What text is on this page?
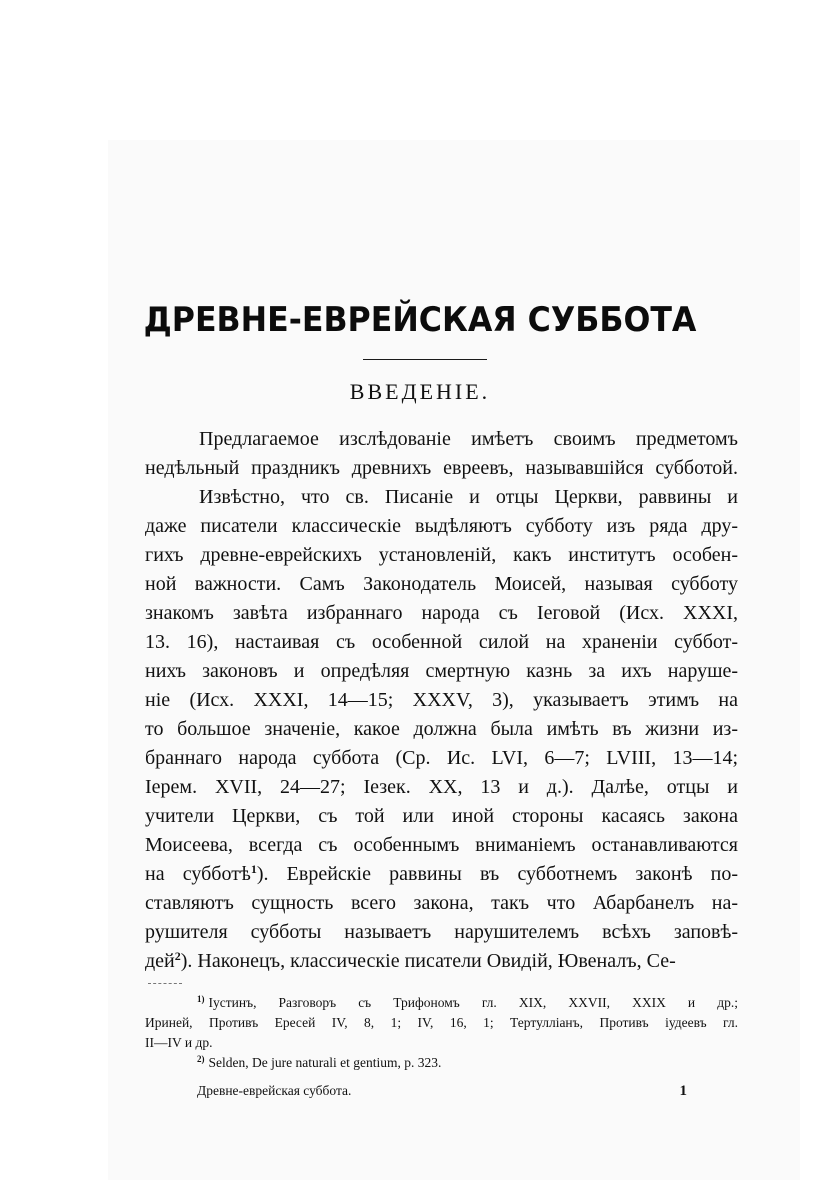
ДРЕВНЕ-ЕВРЕЙСКАЯ СУББОТА
ВВЕДЕНІЕ.
Предлагаемое изслѣдованіе имѣетъ своимъ предметомъ
недѣльный праздникъ древнихъ евреевъ, называвшійся субботой.
Извѣстно, что св. Писаніе и отцы Церкви, раввины и
даже писатели классическіе выдѣляютъ субботу изъ ряда дру-
гихъ древне-еврейскихъ установленій, какъ институтъ особен-
ной важности. Самъ Законодатель Моисей, называя субботу
знакомъ завѣта избраннаго народа съ Іеговой (Исх. XXXI,
13. 16), настаивая съ особенной силой на храненіи суббот-
нихъ законовъ и опредѣляя смертную казнь за ихъ наруше-
ніе (Исх. XXXI, 14—15; XXXV, 3), указываетъ этимъ на
то большое значеніе, какое должна была имѣть въ жизни из-
браннаго народа суббота (Ср. Ис. LVI, 6—7; LVIII, 13—14;
Іерем. XVII, 24—27; Іезек. XX, 13 и д.). Далѣе, отцы и
учители Церкви, съ той или иной стороны касаясь закона
Моисеева, всегда съ особеннымъ вниманіемъ останавливаются
на субботѣ$^1$). Еврейскіе раввины въ субботнемъ законѣ по-
ставляютъ сущность всего закона, такъ что Абарбанелъ на-
рушителя субботы называетъ нарушителемъ всѣхъ заповѣ-
дей$^2$). Наконецъ, классическіе писатели Овидій, Ювеналъ, Се-
$^{1)}$ Іустинъ, Разговоръ съ Трифономъ гл. XIX, XXVII, XXIX и др.;
Ириней, Противъ Ересей IV, 8, 1; IV, 16, 1; Тертулліанъ, Противъ іудеевъ гл.
II—IV и др.
$^{2)}$ Selden, De jure naturali et gentium, p. 323.
Древне-еврейская суббота.	1
